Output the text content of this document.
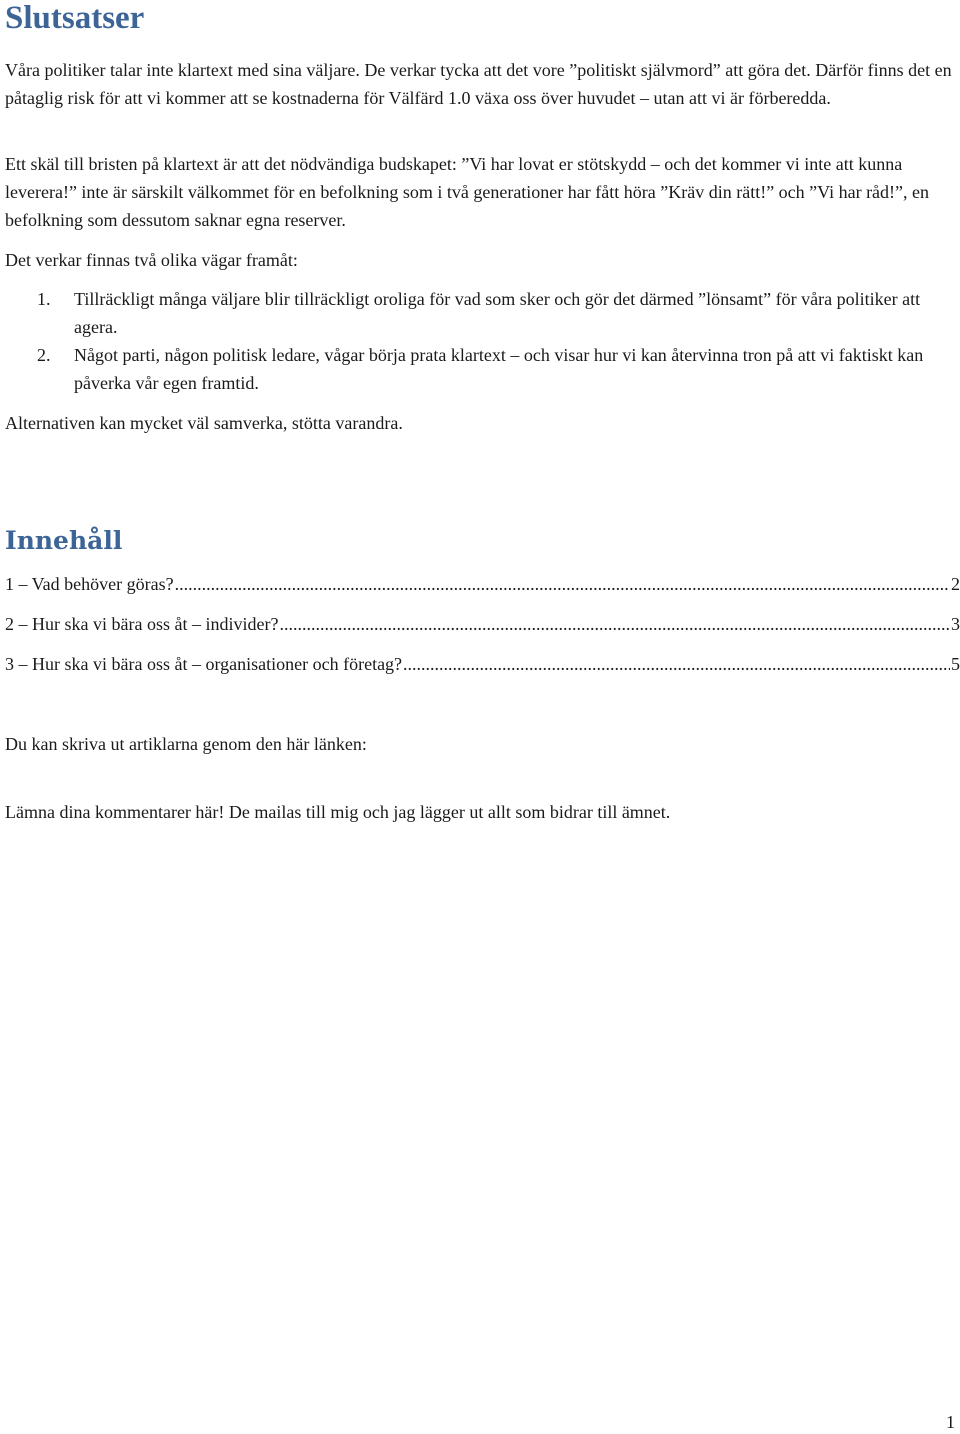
Slutsatser

Våra politiker talar inte klartext med sina väljare. De verkar tycka att det vore ”politiskt självmord” att göra det. Därför finns det en påtaglig risk för att vi kommer att se kostnaderna för Välfärd 1.0 växa oss över huvudet – utan att vi är förberedda.

Ett skäl till bristen på klartext är att det nödvändiga budskapet: ”Vi har lovat er stötskydd – och det kommer vi inte att kunna leverera!” inte är särskilt välkommet för en befolkning som i två generationer har fått höra ”Kräv din rätt!” och ”Vi har råd!”, en befolkning som dessutom saknar egna reserver.

Det verkar finnas två olika vägar framåt:

1. Tillräckligt många väljare blir tillräckligt oroliga för vad som sker och gör det därmed ”lönsamt” för våra politiker att agera.
2. Något parti, någon politisk ledare, vågar börja prata klartext – och visar hur vi kan återvinna tron på att vi faktiskt kan påverka vår egen framtid.

Alternativen kan mycket väl samverka, stötta varandra.

Innehåll
1 – Vad behöver göras? .....	2
2 – Hur ska vi bära oss åt – individer? .....	3
3 – Hur ska vi bära oss åt – organisationer och företag? .....	5

Du kan skriva ut artiklarna genom den här länken:

Lämna dina kommentarer här! De mailas till mig och jag lägger ut allt som bidrar till ämnet.

1
